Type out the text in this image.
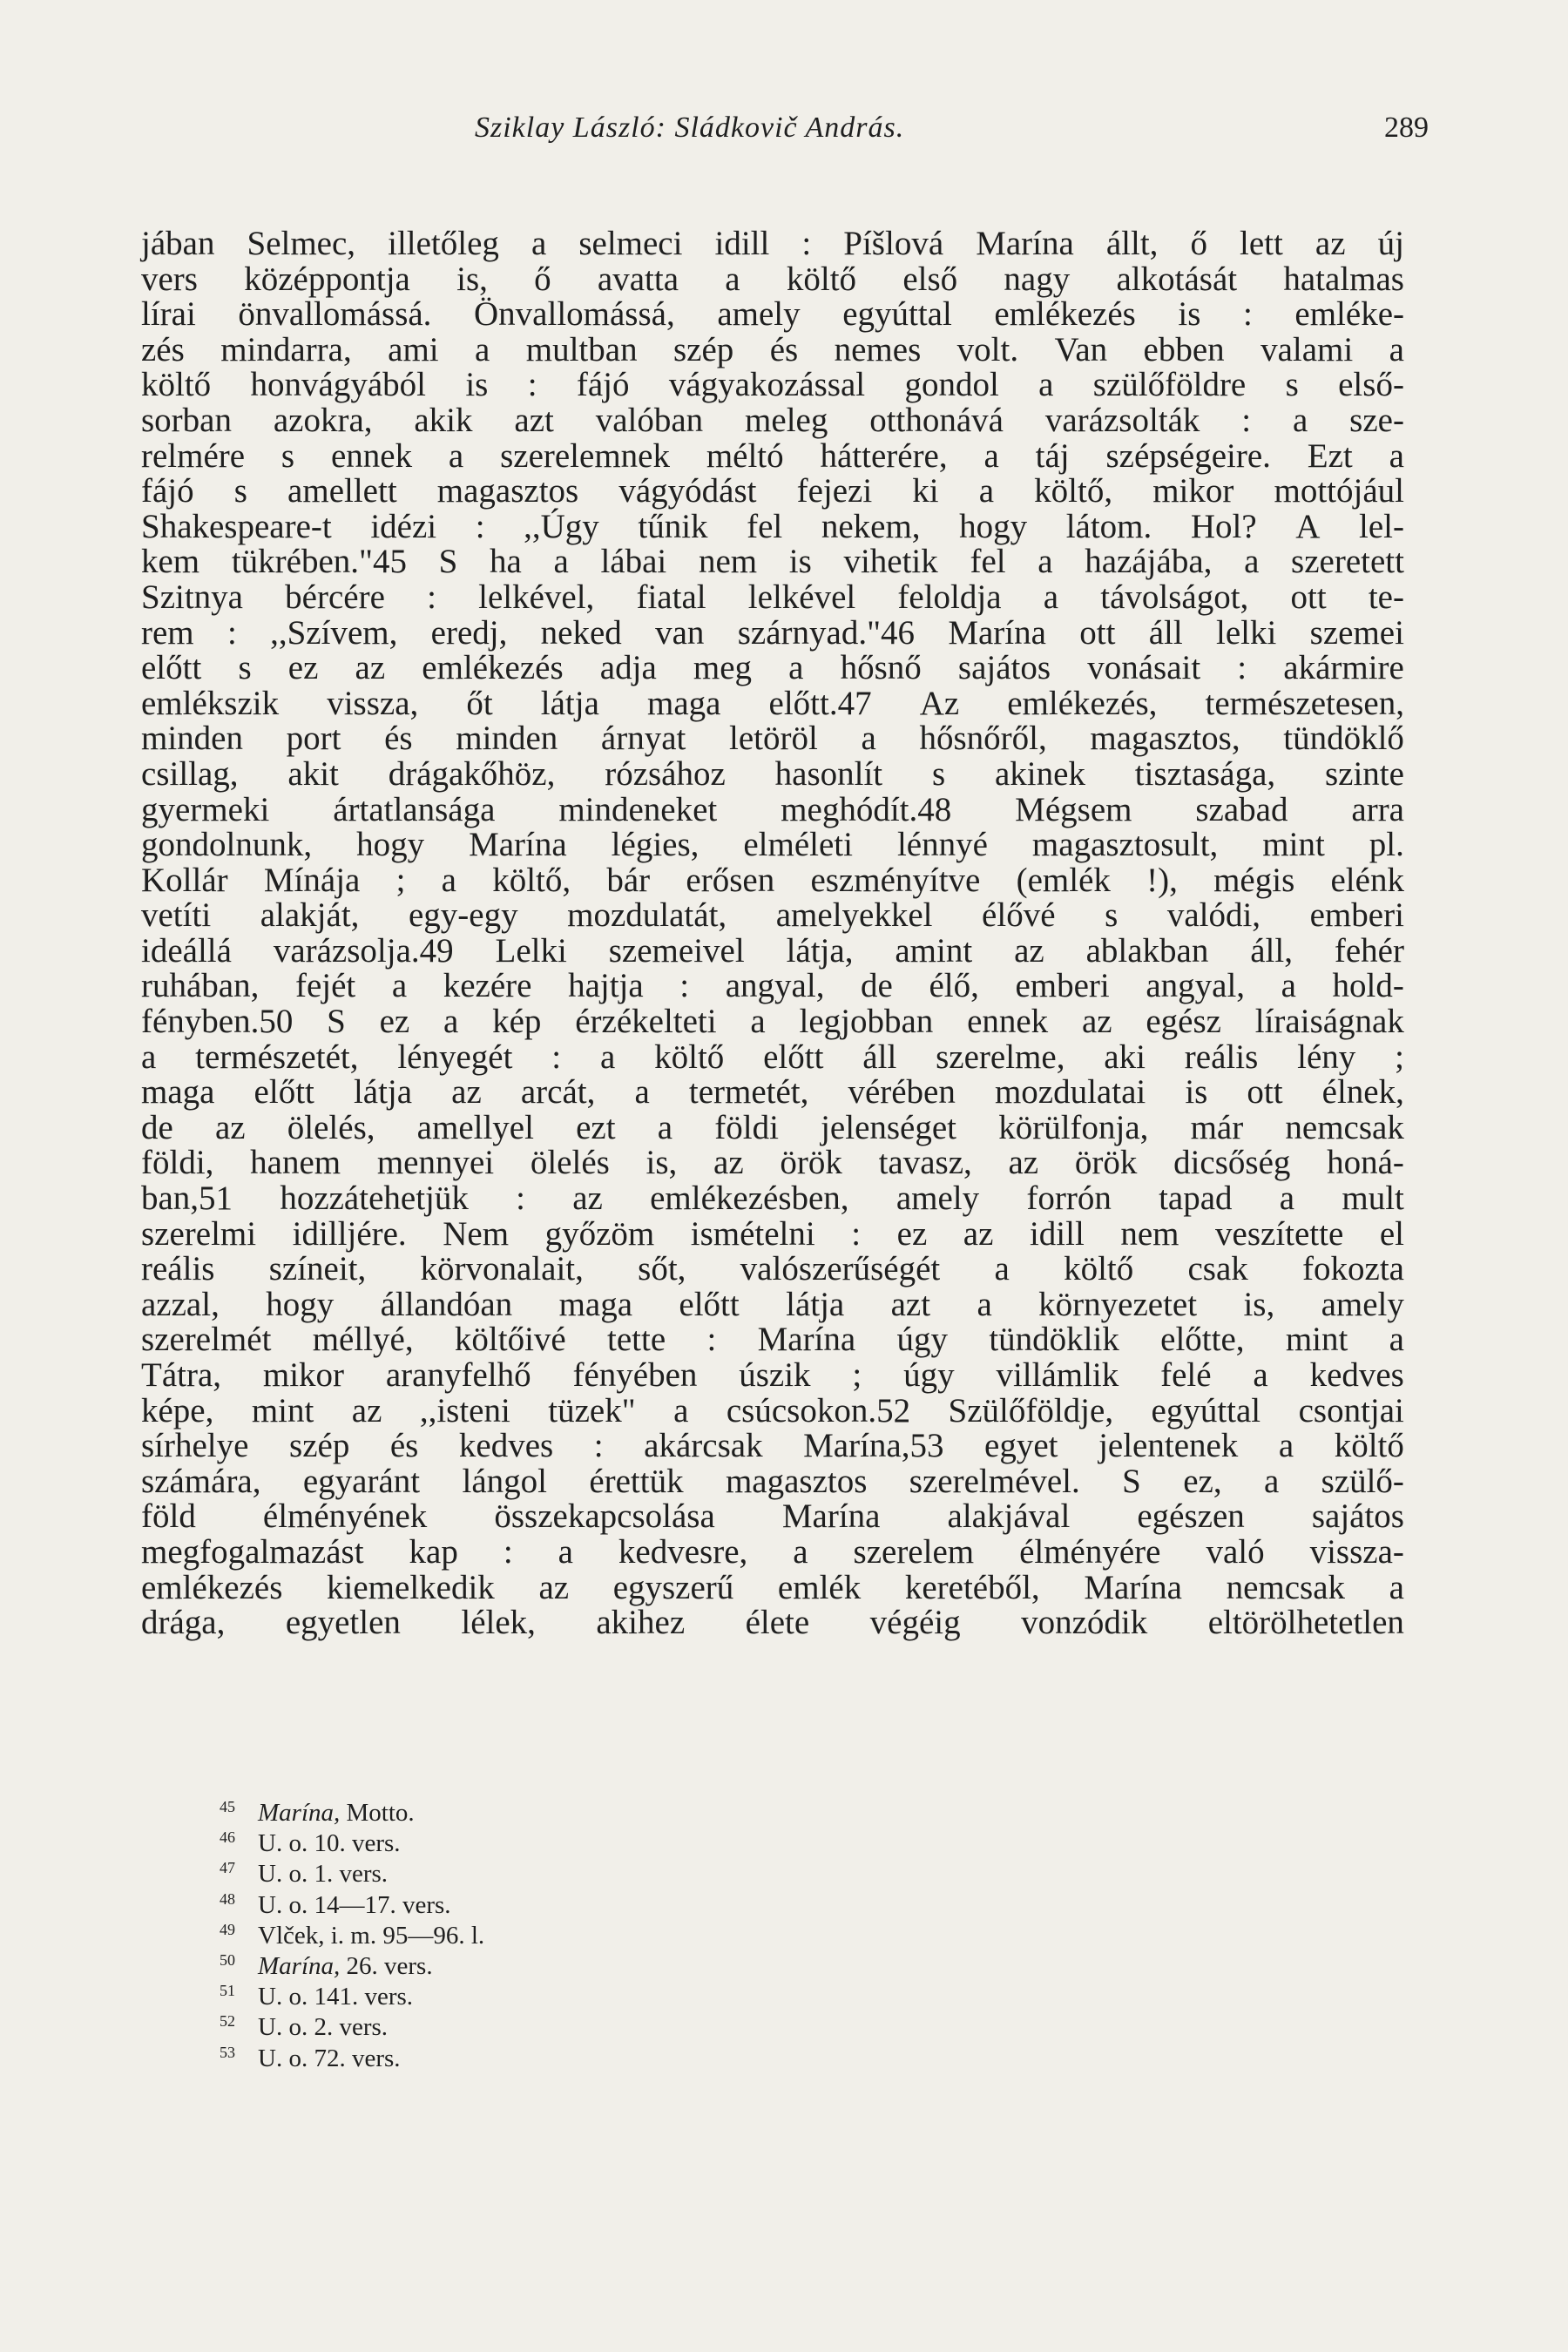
Sziklay László: Sládkovič András.	289
jában Selmec, illetőleg a selmeci idill : Píšlová Marína állt, ő lett az új
vers középpontja is, ő avatta a költő első nagy alkotását hatalmas
lírai önvallomássá. Önvallomássá, amely egyúttal emlékezés is : emléke-
zés mindarra, ami a multban szép és nemes volt. Van ebben valami a
költő honvágyából is : fájó vágyakozással gondol a szülőföldre s első-
sorban azokra, akik azt valóban meleg otthonává varázsolták : a sze-
relmére s ennek a szerelemnek méltó hátterére, a táj szépségeire. Ezt a
fájó s amellett magasztos vágyódást fejezi ki a költő, mikor mottójául
Shakespeare-t idézi : ,,Úgy tűnik fel nekem, hogy látom. Hol? A lel-
kem tükrében."45 S ha a lábai nem is vihetik fel a hazájába, a szeretett
Szitnya bércére : lelkével, fiatal lelkével feloldja a távolságot, ott te-
rem : ,,Szívem, eredj, neked van szárnyad."46 Marína ott áll lelki szemei
előtt s ez az emlékezés adja meg a hősnő sajátos vonásait : akármire
emlékszik vissza, őt látja maga előtt.47 Az emlékezés, természetesen,
minden port és minden árnyat letöröl a hősnőről, magasztos, tündöklő
csillag, akit drágakőhöz, rózsához hasonlít s akinek tisztasága, szinte
gyermeki ártatlansága mindeneket meghódít.48 Mégsem szabad arra
gondolnunk, hogy Marína légies, elméleti lénnyé magasztosult, mint pl.
Kollár Mínája ; a költő, bár erősen eszményítve (emlék !), mégis elénk
vetíti alakját, egy-egy mozdulatát, amelyekkel élővé s valódi, emberi
ideállá varázsolja.49 Lelki szemeivel látja, amint az ablakban áll, fehér
ruhában, fejét a kezére hajtja : angyal, de élő, emberi angyal, a hold-
fényben.50 S ez a kép érzékelteti a legjobban ennek az egész líraiságnak
a természetét, lényegét : a költő előtt áll szerelme, aki reális lény ;
maga előtt látja az arcát, a termetét, vérében mozdulatai is ott élnek,
de az ölelés, amellyel ezt a földi jelenséget körülfonja, már nemcsak
földi, hanem mennyei ölelés is, az örök tavasz, az örök dicsőség honá-
ban,51 hozzátehetjük : az emlékezésben, amely forrón tapad a mult
szerelmi idilljére. Nem győzöm ismételni : ez az idill nem veszítette el
reális színeit, körvonalait, sőt, valószerűségét a költő csak fokozta
azzal, hogy állandóan maga előtt látja azt a környezetet is, amely
szerelmét méllyé, költőivé tette : Marína úgy tündöklik előtte, mint a
Tátra, mikor aranyfelhő fényében úszik ; úgy villámlik felé a kedves
képe, mint az ,,isteni tüzek" a csúcsokon.52 Szülőföldje, egyúttal csontjai
sírhelye szép és kedves : akárcsak Marína,53 egyet jelentenek a költő
számára, egyaránt lángol érettük magasztos szerelmével. S ez, a szülő-
föld élményének összekapcsolása Marína alakjával egészen sajátos
megfogalmazást kap : a kedvesre, a szerelem élményére való vissza-
emlékezés kiemelkedik az egyszerű emlék keretéből, Marína nemcsak a
drága, egyetlen lélek, akihez élete végéig vonzódik eltörölhetetlen
45 Marína, Motto.
46 U. o. 10. vers.
47 U. o. 1. vers.
48 U. o. 14—17. vers.
49 Vlček, i. m. 95—96. l.
50 Marína, 26. vers.
51 U. o. 141. vers.
52 U. o. 2. vers.
53 U. o. 72. vers.
